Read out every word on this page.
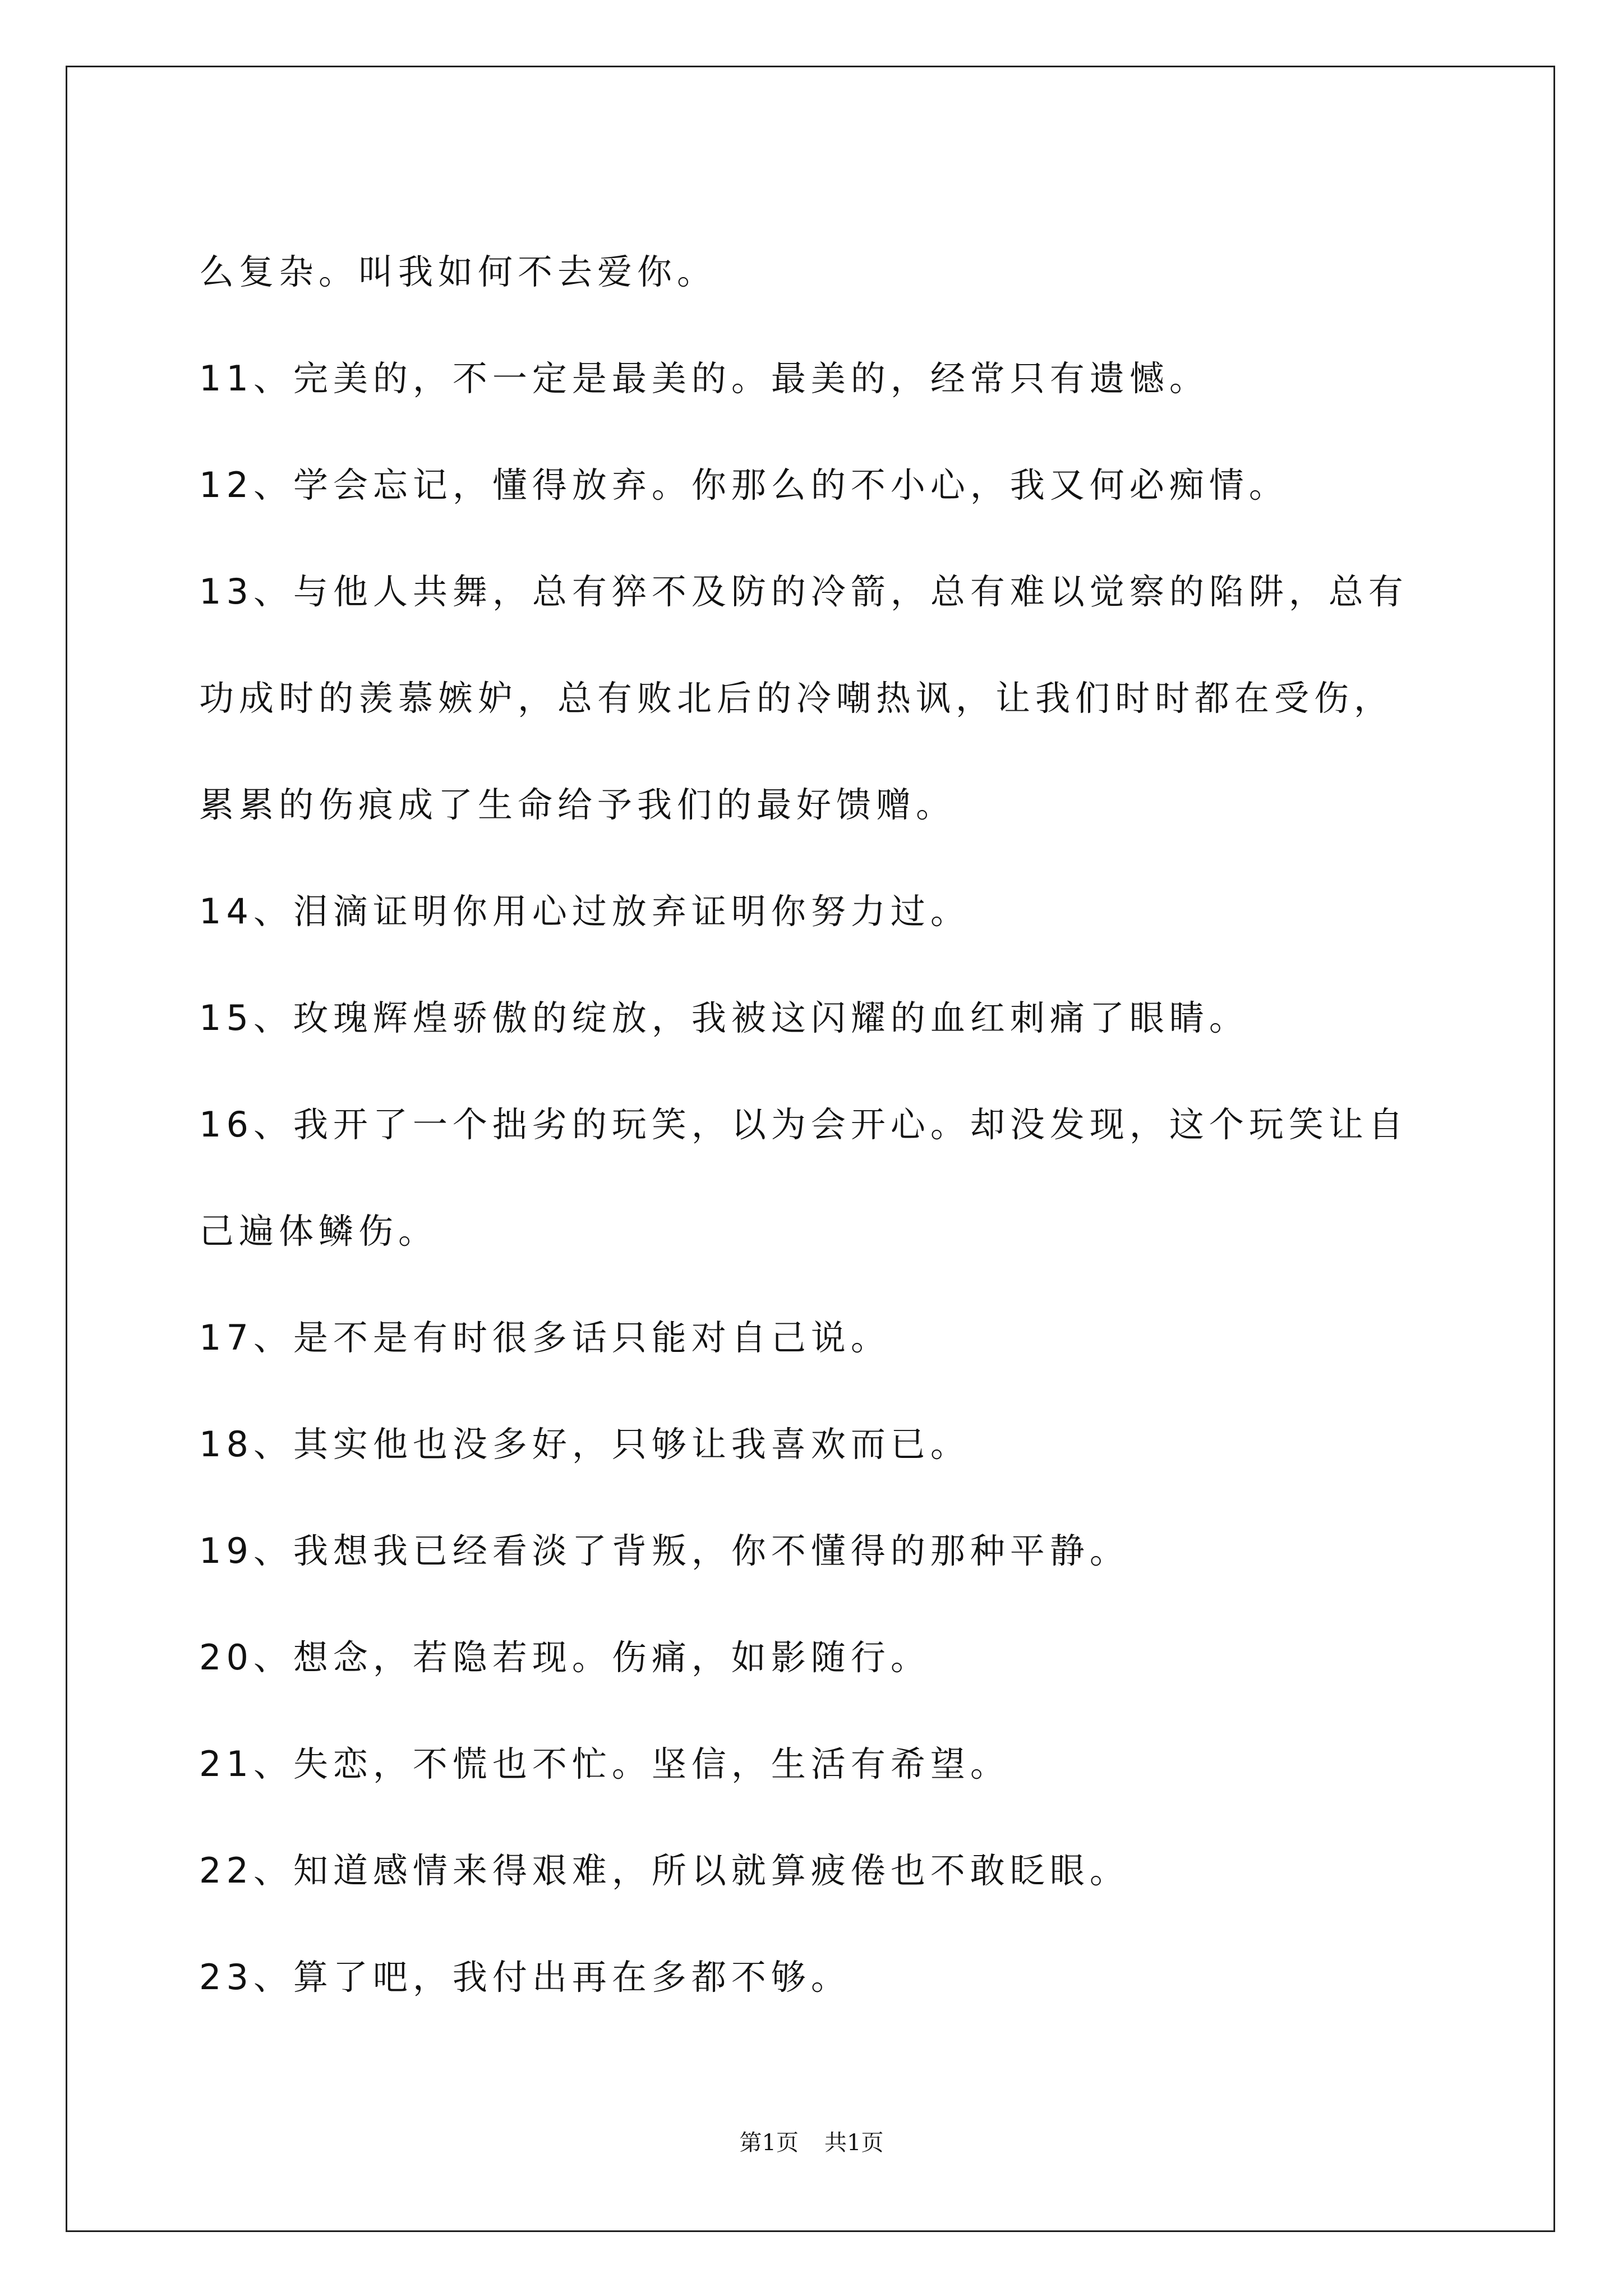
么复杂。叫我如何不去爱你。
11、完美的，不一定是最美的。最美的，经常只有遗憾。
12、学会忘记，懂得放弃。你那么的不小心，我又何必痴情。
13、与他人共舞，总有猝不及防的冷箭，总有难以觉察的陷阱，总有
功成时的羡慕嫉妒，总有败北后的冷嘲热讽，让我们时时都在受伤，
累累的伤痕成了生命给予我们的最好馈赠。
14、泪滴证明你用心过放弃证明你努力过。
15、玫瑰辉煌骄傲的绽放，我被这闪耀的血红刺痛了眼睛。
16、我开了一个拙劣的玩笑，以为会开心。却没发现，这个玩笑让自
己遍体鳞伤。
17、是不是有时很多话只能对自己说。
18、其实他也没多好，只够让我喜欢而已。
19、我想我已经看淡了背叛，你不懂得的那种平静。
20、想念，若隐若现。伤痛，如影随行。
21、失恋，不慌也不忙。坚信，生活有希望。
22、知道感情来得艰难，所以就算疲倦也不敢眨眼。
23、算了吧，我付出再在多都不够。
第1页 共1页
